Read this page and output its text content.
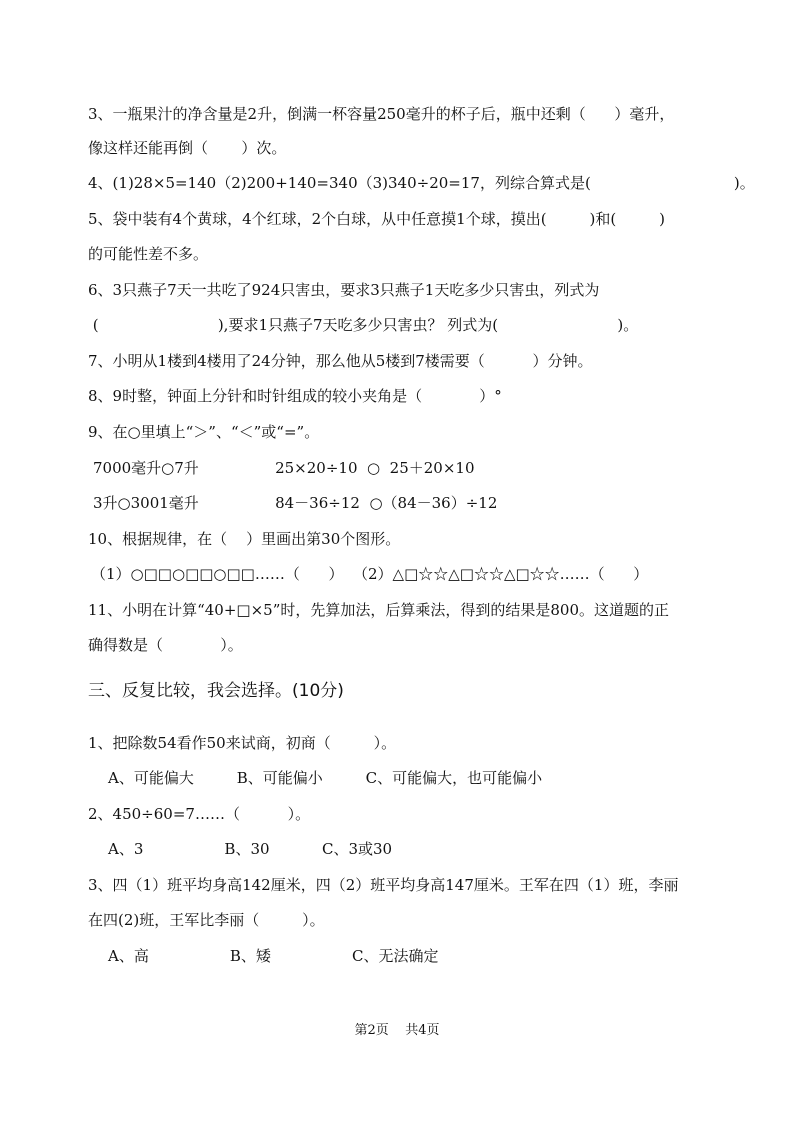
3、一瓶果汁的净含量是2升，倒满一杯容量250毫升的杯子后，瓶中还剩（      ）毫升，
像这样还能再倒（       ）次。
4、(1)28×5=140（2)200+140=340（3)340÷20=17，列综合算式是(                              )。
5、袋中装有4个黄球，4个红球，2个白球，从中任意摸1个球，摸出(         )和(         )
的可能性差不多。
6、3只燕子7天一共吃了924只害虫，要求3只燕子1天吃多少只害虫，列式为
(                         ),要求1只燕子7天吃多少只害虫？ 列式为(                         )。
7、小明从1楼到4楼用了24分钟，那么他从5楼到7楼需要（          ）分钟。
8、9时整，钟面上分针和时针组成的较小夹角是（            ）°
9、在○里填上“＞”、“＜”或“=”。
7000毫升○7升                25×20÷10  ○  25＋20×10
3升○3001毫升                84－36÷12  ○（84－36）÷12
10、根据规律，在（    ）里画出第30个图形。
（1）○□□○□□○□□……（      ）  （2）△□☆☆△□☆☆△□☆☆……（      ）
11、小明在计算“40+□×5”时，先算加法，后算乘法，得到的结果是800。这道题的正
确得数是（            ）。
三、反复比较，我会选择。(10分)
1、把除数54看作50来试商，初商（         ）。
A、可能偏大         B、可能偏小         C、可能偏大，也可能偏小
2、450÷60=7……（          ）。
A、3                 B、30           C、3或30
3、四（1）班平均身高142厘米，四（2）班平均身高147厘米。王军在四（1）班，李丽
在四(2)班，王军比李丽（         ）。
A、高                 B、矮                 C、无法确定
第2页    共4页
